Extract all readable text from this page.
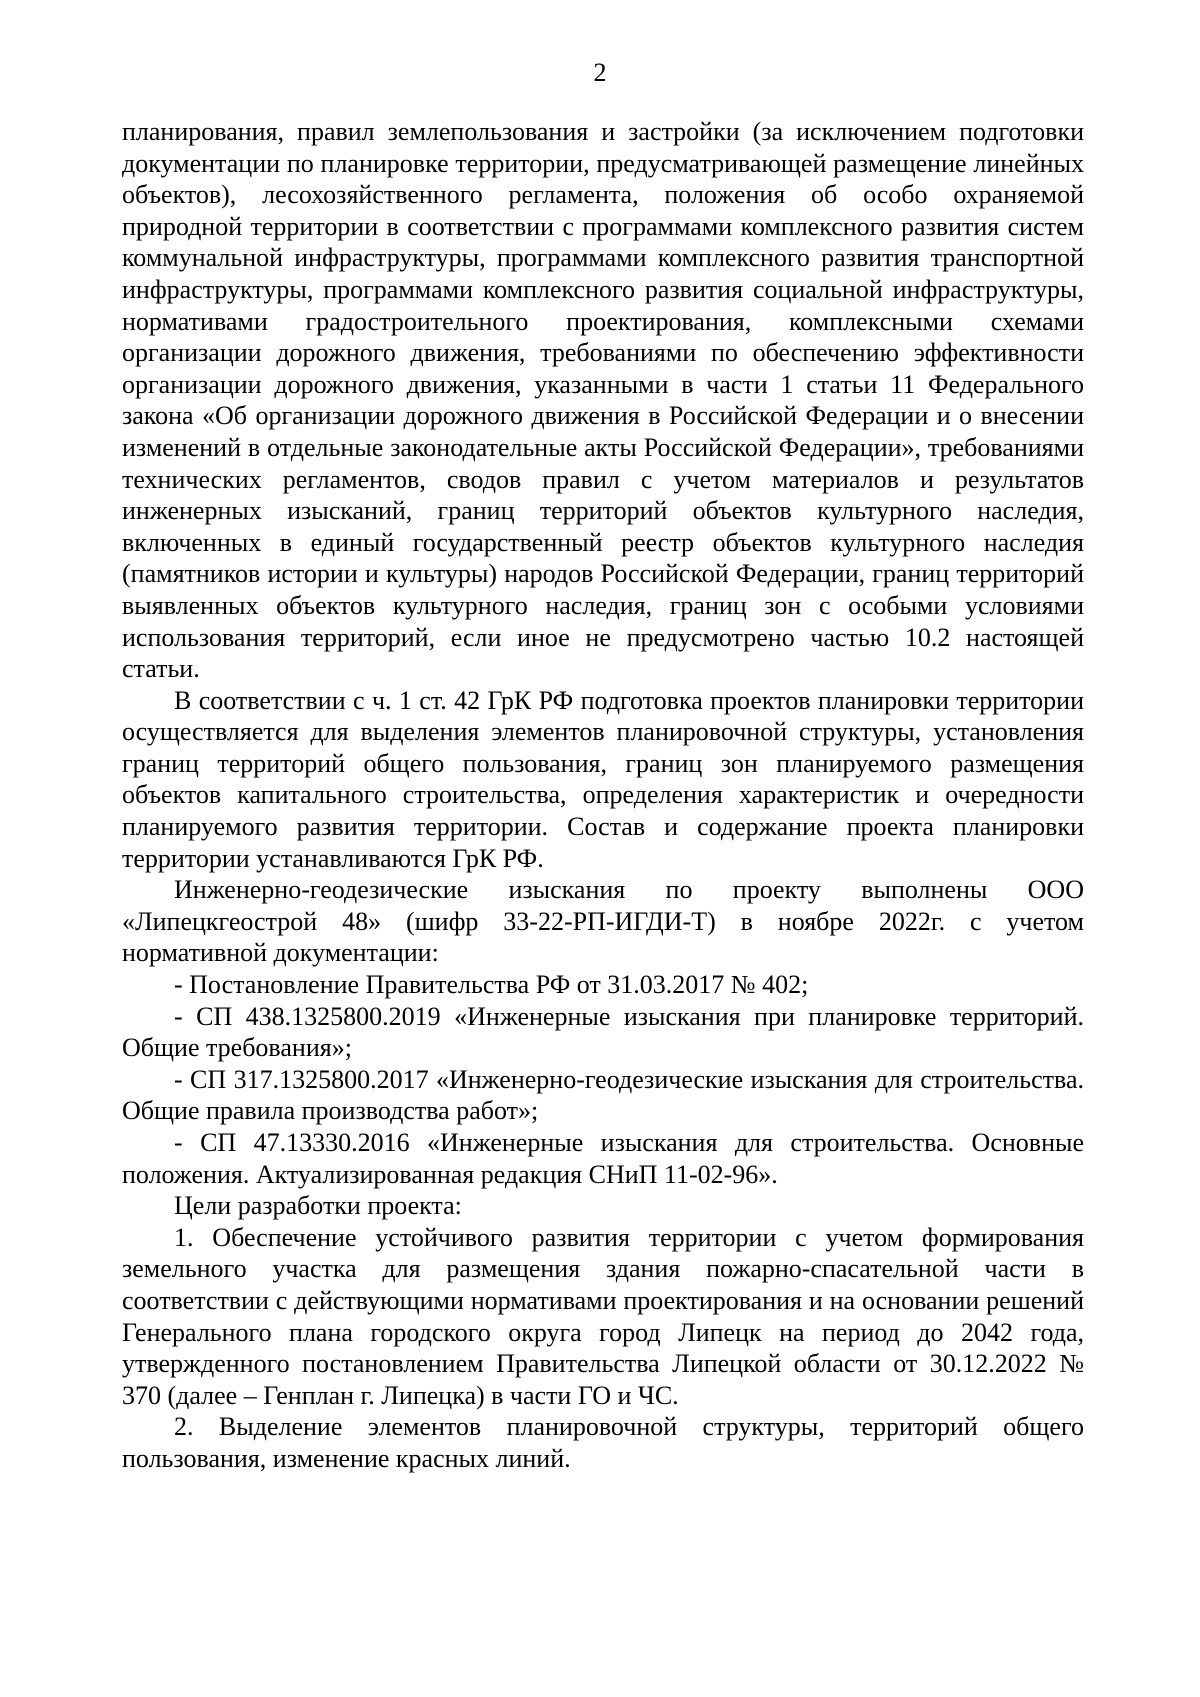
2

планирования, правил землепользования и застройки (за исключением подготовки документации по планировке территории, предусматривающей размещение линейных объектов), лесохозяйственного регламента, положения об особо охраняемой природной территории в соответствии с программами комплексного развития систем коммунальной инфраструктуры, программами комплексного развития транспортной инфраструктуры, программами комплексного развития социальной инфраструктуры, нормативами градостроительного проектирования, комплексными схемами организации дорожного движения, требованиями по обеспечению эффективности организации дорожного движения, указанными в части 1 статьи 11 Федерального закона «Об организации дорожного движения в Российской Федерации и о внесении изменений в отдельные законодательные акты Российской Федерации», требованиями технических регламентов, сводов правил с учетом материалов и результатов инженерных изысканий, границ территорий объектов культурного наследия, включенных в единый государственный реестр объектов культурного наследия (памятников истории и культуры) народов Российской Федерации, границ территорий выявленных объектов культурного наследия, границ зон с особыми условиями использования территорий, если иное не предусмотрено частью 10.2 настоящей статьи.

В соответствии с ч. 1 ст. 42 ГрК РФ подготовка проектов планировки территории осуществляется для выделения элементов планировочной структуры, установления границ территорий общего пользования, границ зон планируемого размещения объектов капитального строительства, определения характеристик и очередности планируемого развития территории. Состав и содержание проекта планировки территории устанавливаются ГрК РФ.

Инженерно-геодезические изыскания по проекту выполнены ООО «Липецкгеострой 48» (шифр 33-22-РП-ИГДИ-Т) в ноябре 2022г. с учетом нормативной документации:

- Постановление Правительства РФ от 31.03.2017 № 402;

- СП 438.1325800.2019 «Инженерные изыскания при планировке территорий. Общие требования»;

- СП 317.1325800.2017 «Инженерно-геодезические изыскания для строительства. Общие правила производства работ»;

- СП 47.13330.2016 «Инженерные изыскания для строительства. Основные положения. Актуализированная редакция СНиП 11-02-96».

Цели разработки проекта:

1. Обеспечение устойчивого развития территории с учетом формирования земельного участка для размещения здания пожарно-спасательной части в соответствии с действующими нормативами проектирования и на основании решений Генерального плана городского округа город Липецк на период до 2042 года, утвержденного постановлением Правительства Липецкой области от 30.12.2022 № 370 (далее – Генплан г. Липецка) в части ГО и ЧС.

2. Выделение элементов планировочной структуры, территорий общего пользования, изменение красных линий.
